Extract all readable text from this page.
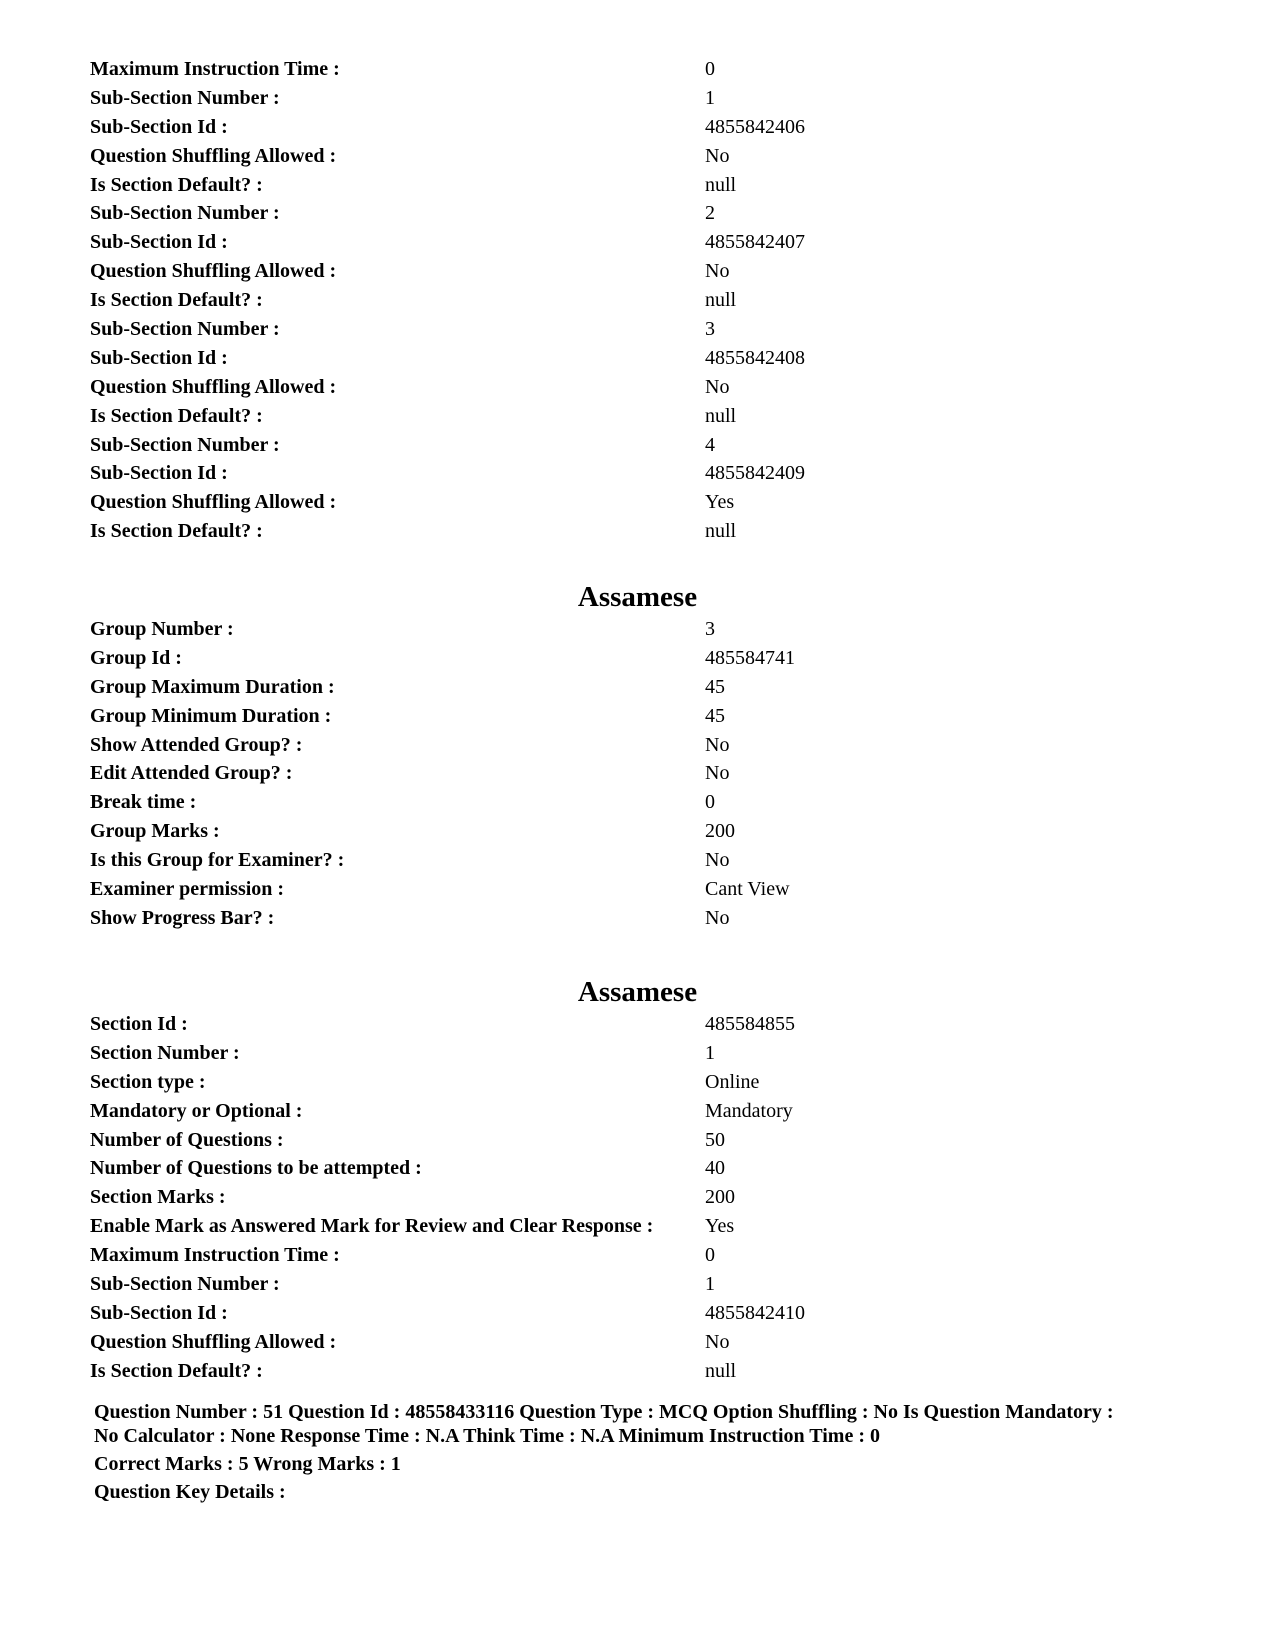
Maximum Instruction Time :	0
Sub-Section Number :	1
Sub-Section Id :	4855842406
Question Shuffling Allowed :	No
Is Section Default? :	null
Sub-Section Number :	2
Sub-Section Id :	4855842407
Question Shuffling Allowed :	No
Is Section Default? :	null
Sub-Section Number :	3
Sub-Section Id :	4855842408
Question Shuffling Allowed :	No
Is Section Default? :	null
Sub-Section Number :	4
Sub-Section Id :	4855842409
Question Shuffling Allowed :	Yes
Is Section Default? :	null
Assamese
Group Number :	3
Group Id :	485584741
Group Maximum Duration :	45
Group Minimum Duration :	45
Show Attended Group? :	No
Edit Attended Group? :	No
Break time :	0
Group Marks :	200
Is this Group for Examiner? :	No
Examiner permission :	Cant View
Show Progress Bar? :	No
Assamese
Section Id :	485584855
Section Number :	1
Section type :	Online
Mandatory or Optional :	Mandatory
Number of Questions :	50
Number of Questions to be attempted :	40
Section Marks :	200
Enable Mark as Answered Mark for Review and Clear Response :	Yes
Maximum Instruction Time :	0
Sub-Section Number :	1
Sub-Section Id :	4855842410
Question Shuffling Allowed :	No
Is Section Default? :	null
Question Number : 51 Question Id : 48558433116 Question Type : MCQ Option Shuffling : No Is Question Mandatory :
No Calculator : None Response Time : N.A Think Time : N.A Minimum Instruction Time : 0
Correct Marks : 5 Wrong Marks : 1
Question Key Details :
